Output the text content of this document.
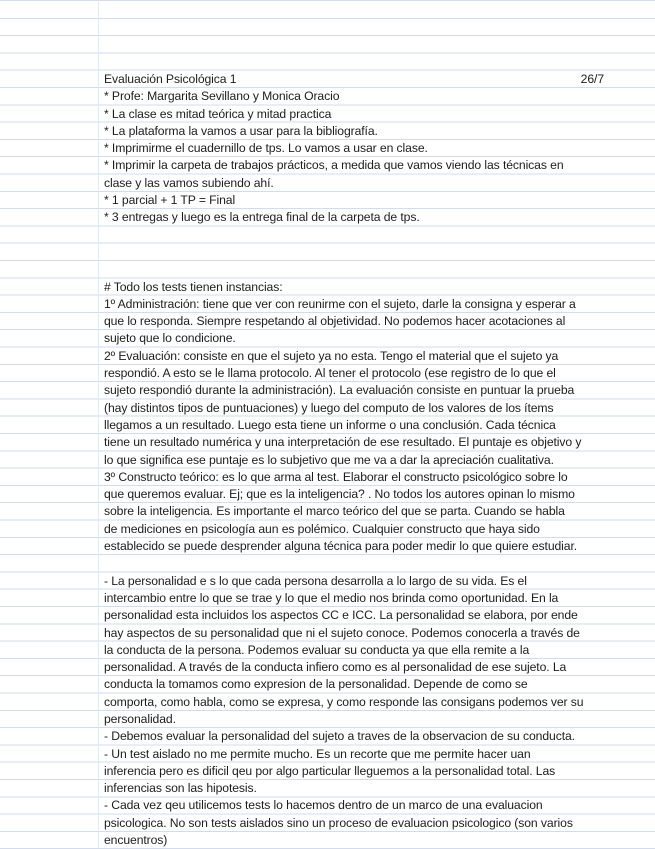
Evaluación Psicológica 1	26/7
* Profe: Margarita Sevillano y Monica Oracio
* La clase es mitad teórica y mitad practica
* La plataforma la vamos a usar para la bibliografía.
* Imprimirme el cuadernillo de tps. Lo vamos a usar en clase.
* Imprimir la carpeta de trabajos prácticos, a medida que vamos viendo las técnicas en
clase y las vamos subiendo ahí.
* 1 parcial + 1 TP = Final
* 3 entregas y luego es la entrega final de la carpeta de tps.
# Todo los tests tienen instancias:
1º Administración: tiene que ver con reunirme con el sujeto, darle la consigna y esperar a
que lo responda. Siempre respetando al objetividad. No podemos hacer acotaciones al
sujeto que lo condicione.
2º Evaluación: consiste en que el sujeto ya no esta. Tengo el material que el sujeto ya
respondió. A esto se le llama protocolo. Al tener el protocolo (ese registro de lo que el
sujeto respondió durante la administración). La evaluación consiste en puntuar la prueba
(hay distintos tipos de puntuaciones) y luego del computo de los valores de los ítems
llegamos a un resultado. Luego esta tiene un informe o una conclusión. Cada técnica
tiene un resultado numérica y una interpretación de ese resultado. El puntaje es objetivo y
lo que significa ese puntaje es lo subjetivo que me va a dar la apreciación cualitativa.
3º Constructo teórico: es lo que arma al test. Elaborar el constructo psicológico sobre lo
que queremos evaluar. Ej; que es la inteligencia? . No todos los autores opinan lo mismo
sobre la inteligencia. Es importante el marco teórico del que se parta. Cuando se habla
de mediciones en psicología aun es polémico. Cualquier constructo que haya sido
establecido se puede desprender alguna técnica para poder medir lo que quiere estudiar.
- La personalidad e s lo que cada persona desarrolla a lo largo de su vida. Es el
intercambio entre lo que se trae y lo que el medio nos brinda como oportunidad. En la
personalidad esta incluidos los aspectos CC e ICC. La personalidad se elabora, por ende
hay aspectos de su personalidad que ni el sujeto conoce. Podemos conocerla a través de
la conducta de la persona. Podemos evaluar su conducta ya que ella remite a la
personalidad. A través de la conducta infiero como es al personalidad de ese sujeto. La
conducta la tomamos como expresion de la personalidad. Depende de como se
comporta, como habla, como se expresa, y como responde las consigans podemos ver su
personalidad.
- Debemos evaluar la personalidad del sujeto a traves de la observacion de su conducta.
- Un test aislado no me permite mucho. Es un recorte que me permite hacer uan
inferencia pero es dificil qeu por algo particular lleguemos a la personalidad total. Las
inferencias son las hipotesis.
- Cada vez qeu utilicemos tests lo hacemos dentro de un marco de una evaluacion
psicologica. No son tests aislados sino un proceso de evaluacion psicologico (son varios
encuentros)
